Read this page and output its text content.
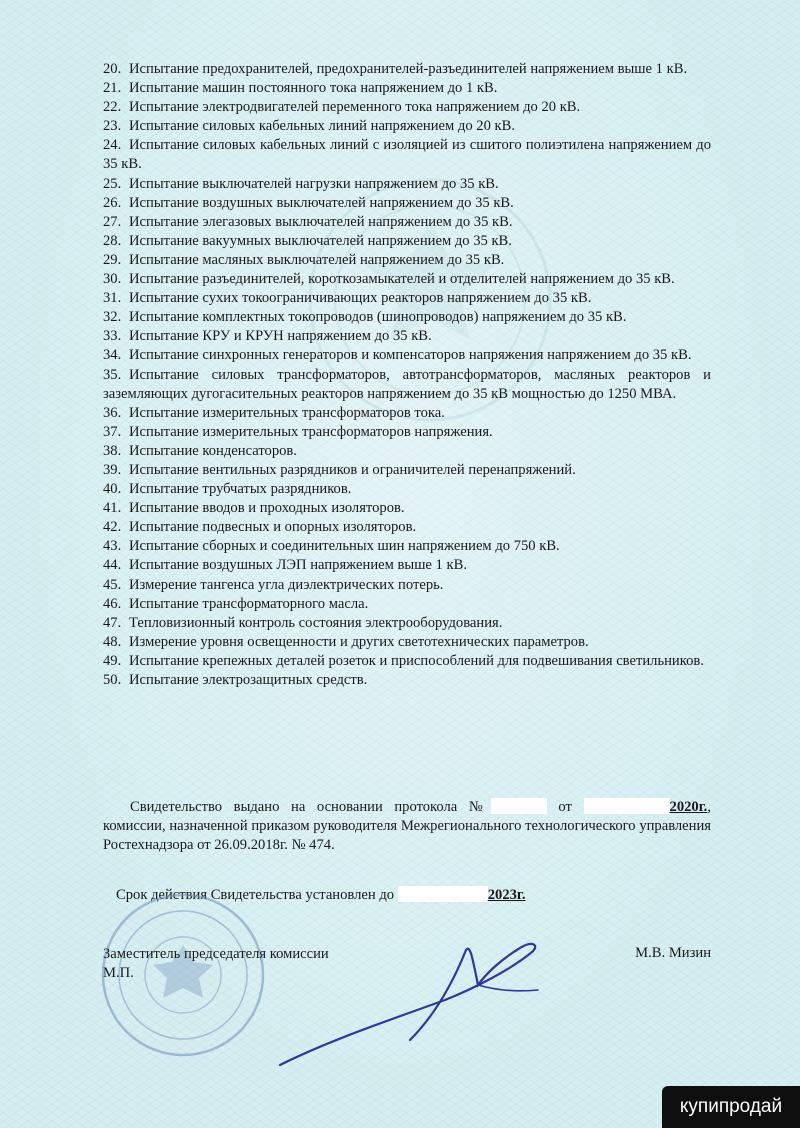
20. Испытание предохранителей, предохранителей-разъединителей напряжением выше 1 кВ.

21. Испытание машин постоянного тока напряжением до 1 кВ.

22. Испытание электродвигателей переменного тока напряжением до 20 кВ.

23. Испытание силовых кабельных линий напряжением до 20 кВ.

24. Испытание силовых кабельных линий с изоляцией из сшитого полиэтилена напряжением до 35 кВ.

25. Испытание выключателей нагрузки напряжением до 35 кВ.

26. Испытание воздушных выключателей напряжением до 35 кВ.

27. Испытание элегазовых выключателей напряжением до 35 кВ.

28. Испытание вакуумных выключателей напряжением до 35 кВ.

29. Испытание масляных выключателей напряжением до 35 кВ.

30. Испытание разъединителей, короткозамыкателей и отделителей напряжением до 35 кВ.

31. Испытание сухих токоограничивающих реакторов напряжением до 35 кВ.

32. Испытание комплектных токопроводов (шинопроводов) напряжением до 35 кВ.

33. Испытание КРУ и КРУН напряжением до 35 кВ.

34. Испытание синхронных генераторов и компенсаторов напряжения напряжением до 35 кВ.

35. Испытание силовых трансформаторов, автотрансформаторов, масляных реакторов и заземляющих дугогасительных реакторов напряжением до 35 кВ мощностью до 1250 МВА.

36. Испытание измерительных трансформаторов тока.

37. Испытание измерительных трансформаторов напряжения.

38. Испытание конденсаторов.

39. Испытание вентильных разрядников и ограничителей перенапряжений.

40. Испытание трубчатых разрядников.

41. Испытание вводов и проходных изоляторов.

42. Испытание подвесных и опорных изоляторов.

43. Испытание сборных и соединительных шин напряжением до 750 кВ.

44. Испытание воздушных ЛЭП напряжением выше 1 кВ.

45. Измерение тангенса угла диэлектрических потерь.

46. Испытание трансформаторного масла.

47. Тепловизионный контроль состояния электрооборудования.

48. Измерение уровня освещенности и других светотехнических параметров.

49. Испытание крепежных деталей розеток и приспособлений для подвешивания светильников.

50. Испытание электрозащитных средств.

Свидетельство выдано на основании протокола №	от	2020г., комиссии, назначенной приказом руководителя Межрегионального технологического управления Ростехнадзора от 26.09.2018г. № 474.

Срок действия Свидетельства установлен до	2023г.
Заместитель председателя комиссии
М.П.
М.В. Мизин
купипродай
